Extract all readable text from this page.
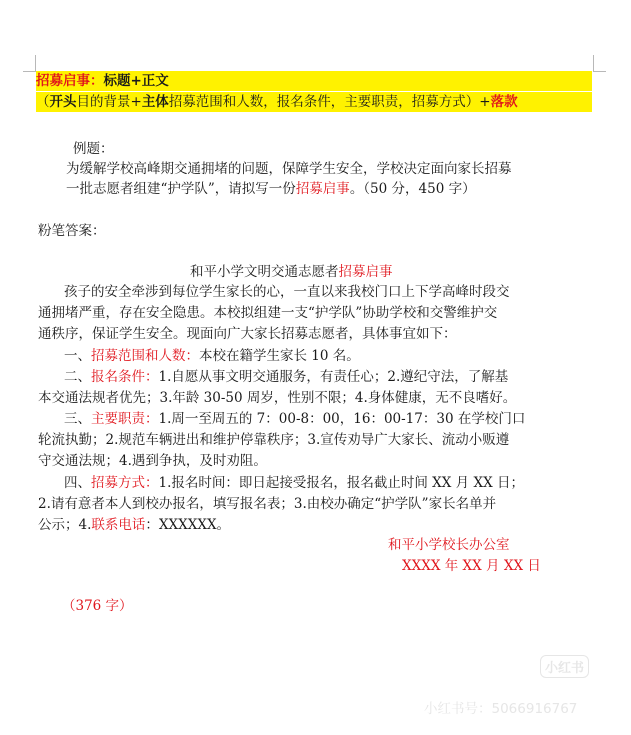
招募启事：标题+正文
（开头目的背景+主体招募范围和人数，报名条件，主要职责，招募方式）+落款
例题：
为缓解学校高峰期交通拥堵的问题，保障学生安全，学校决定面向家长招募
一批志愿者组建“护学队”，请拟写一份招募启事。（50 分，450 字）
粉笔答案：
和平小学文明交通志愿者招募启事
孩子的安全牵涉到每位学生家长的心，一直以来我校门口上下学高峰时段交
通拥堵严重，存在安全隐患。本校拟组建一支“护学队”协助学校和交警维护交
通秩序，保证学生安全。现面向广大家长招募志愿者，具体事宜如下：
一、招募范围和人数：本校在籍学生家长 10 名。
二、报名条件：1.自愿从事文明交通服务，有责任心；2.遵纪守法，了解基
本交通法规者优先；3.年龄 30-50 周岁，性别不限；4.身体健康，无不良嗜好。
三、主要职责：1.周一至周五的 7：00-8：00，16：00-17：30 在学校门口
轮流执勤；2.规范车辆进出和维护停靠秩序；3.宣传劝导广大家长、流动小贩遵
守交通法规；4.遇到争执，及时劝阻。
四、招募方式：1.报名时间：即日起接受报名，报名截止时间 XX 月 XX 日；
2.请有意者本人到校办报名，填写报名表；3.由校办确定“护学队”家长名单并
公示；4.联系电话：XXXXXX。
和平小学校长办公室
XXXX 年 XX 月 XX 日
（376 字）
小红书
小红书号：5066916767
